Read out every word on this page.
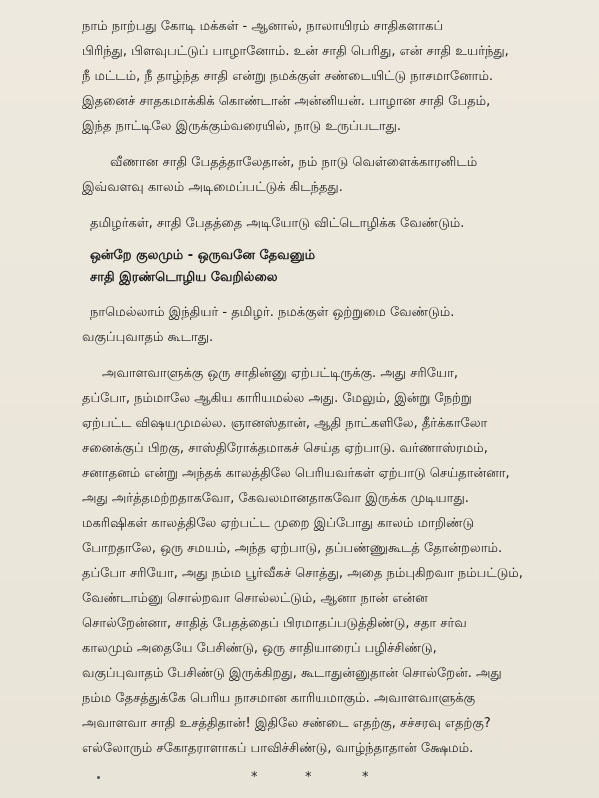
நாம் நாற்பது கோடி மக்கள் - ஆனால், நாலாயிரம் சாதிகளாகப்
பிரிந்து, பிளவுபட்டுப் பாழானோம். உன் சாதி பெரிது, என் சாதி உயர்ந்து,
நீ மட்டம், நீ தாழ்ந்த சாதி என்று நமக்குள் சண்டையிட்டு நாசமானோம்.
இதனைச் சாதகமாக்கிக் கொண்டான் அன்னியன். பாழான சாதி பேதம்,
இந்த நாட்டிலே இருக்கும்வரையில், நாடு உருப்படாது.

வீணான சாதி பேதத்தாலேதான், நம் நாடு வெள்ளைக்காரனிடம்
இவ்வளவு காலம் அடிமைப்பட்டுக் கிடந்தது.

தமிழர்கள், சாதி பேதத்தை அடியோடு விட்டொழிக்க வேண்டும்.

ஒன்றே குலமும் - ஒருவனே தேவனும்
சாதி இரண்டொழிய வேறில்லை

நாமெல்லாம் இந்தியர் - தமிழர். நமக்குள் ஒற்றுமை வேண்டும்.
வகுப்புவாதம் கூடாது.

அவாளவாளுக்கு ஒரு சாதின்னு ஏற்பட்டிருக்கு. அது சரியோ,
தப்போ, நம்மாலே ஆகிய காரியமல்ல அது. மேலும், இன்று நேற்று
ஏற்பட்ட விஷயமுமல்ல. ஞானஸ்தான், ஆதி நாட்களிலே, தீர்க்காலோ
சனைக்குப் பிறகு, சாஸ்திரோக்தமாகச் செய்த ஏற்பாடு. வர்ணாஸ்ரமம்,
சனாதனம் என்று அந்தக் காலத்திலே பெரியவர்கள் ஏற்பாடு செய்தான்னா,
அது அர்த்தமற்றதாகவோ, கேவலமானதாகவோ இருக்க முடியாது.
மகரிஷிகள் காலத்திலே ஏற்பட்ட முறை இப்போது காலம் மாறிண்டு
போறதாலே, ஒரு சமயம், அந்த ஏற்பாடு, தப்பண்ணுகூடத் தோன்றலாம்.
தப்போ சரியோ, அது நம்ம பூர்வீகச் சொத்து, அதை நம்புகிறவா நம்பட்டும்,
வேண்டாம்னு சொல்றவா சொல்லட்டும், ஆனா நான் என்ன
சொல்றேன்னா, சாதித் பேதத்தைப் பிரமாதப்படுத்திண்டு, சதா சர்வ
காலமும் அதையே பேசிண்டு, ஒரு சாதியாரைப் பழிச்சிண்டு,
வகுப்புவாதம் பேசிண்டு இருக்கிறது, கூடாதுன்னுதான் சொல்றேன். அது
நம்ம தேசத்துக்கே பெரிய நாசமான காரியமாகும். அவாளவாளுக்கு
அவாளவா சாதி உசத்திதான்! இதிலே சண்டை எதற்கு, சச்சரவு எதற்கு?
எல்லோரும் சகோதராளாகப் பாவிச்சிண்டு, வாழ்ந்தாதான் க்ஷேமம்.

*	*	*
